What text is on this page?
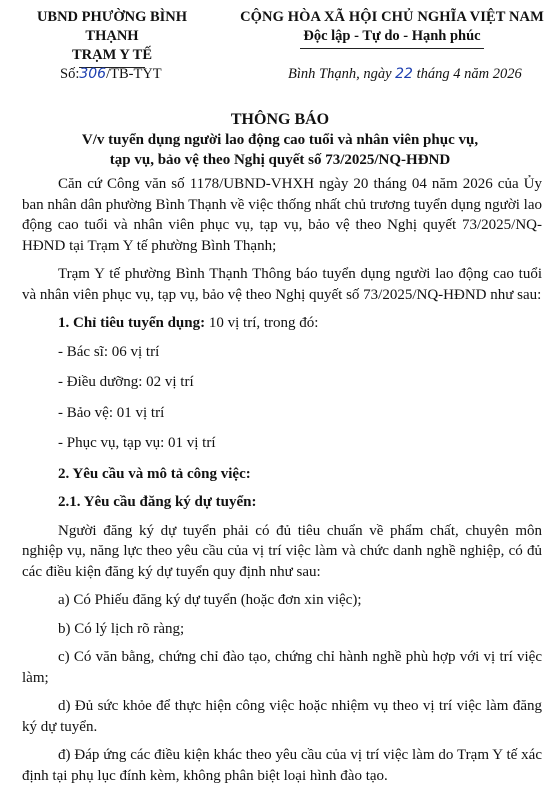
UBND PHƯỜNG BÌNH THẠNH
TRẠM Y TẾ
CỘNG HÒA XÃ HỘI CHỦ NGHĨA VIỆT NAM
Độc lập - Tự do - Hạnh phúc
Số:306/TB-TYT	Bình Thạnh, ngày 22 tháng 4 năm 2026
THÔNG BÁO
V/v tuyển dụng người lao động cao tuổi và nhân viên phục vụ,
tạp vụ, bảo vệ theo Nghị quyết số 73/2025/NQ-HĐND

Căn cứ Công văn số 1178/UBND-VHXH ngày 20 tháng 04 năm 2026 của Ủy ban nhân dân phường Bình Thạnh về việc thống nhất chủ trương tuyển dụng người lao động cao tuổi và nhân viên phục vụ, tạp vụ, bảo vệ theo Nghị quyết 73/2025/NQ-HĐND tại Trạm Y tế phường Bình Thạnh;

Trạm Y tế phường Bình Thạnh Thông báo tuyển dụng người lao động cao tuổi và nhân viên phục vụ, tạp vụ, bảo vệ theo Nghị quyết số 73/2025/NQ-HĐND như sau:

1. Chỉ tiêu tuyển dụng: 10 vị trí, trong đó:
- Bác sĩ: 06 vị trí
- Điều dưỡng: 02 vị trí
- Bảo vệ: 01 vị trí
- Phục vụ, tạp vụ: 01 vị trí
2. Yêu cầu và mô tả công việc:
2.1. Yêu cầu đăng ký dự tuyển:

Người đăng ký dự tuyển phải có đủ tiêu chuẩn về phẩm chất, chuyên môn nghiệp vụ, năng lực theo yêu cầu của vị trí việc làm và chức danh nghề nghiệp, có đủ các điều kiện đăng ký dự tuyển quy định như sau:

a) Có Phiếu đăng ký dự tuyển (hoặc đơn xin việc);

b) Có lý lịch rõ ràng;

c) Có văn bằng, chứng chỉ đào tạo, chứng chỉ hành nghề phù hợp với vị trí việc làm;

d) Đủ sức khỏe để thực hiện công việc hoặc nhiệm vụ theo vị trí việc làm đăng ký dự tuyển.

đ) Đáp ứng các điều kiện khác theo yêu cầu của vị trí việc làm do Trạm Y tế xác định tại phụ lục đính kèm, không phân biệt loại hình đào tạo.
